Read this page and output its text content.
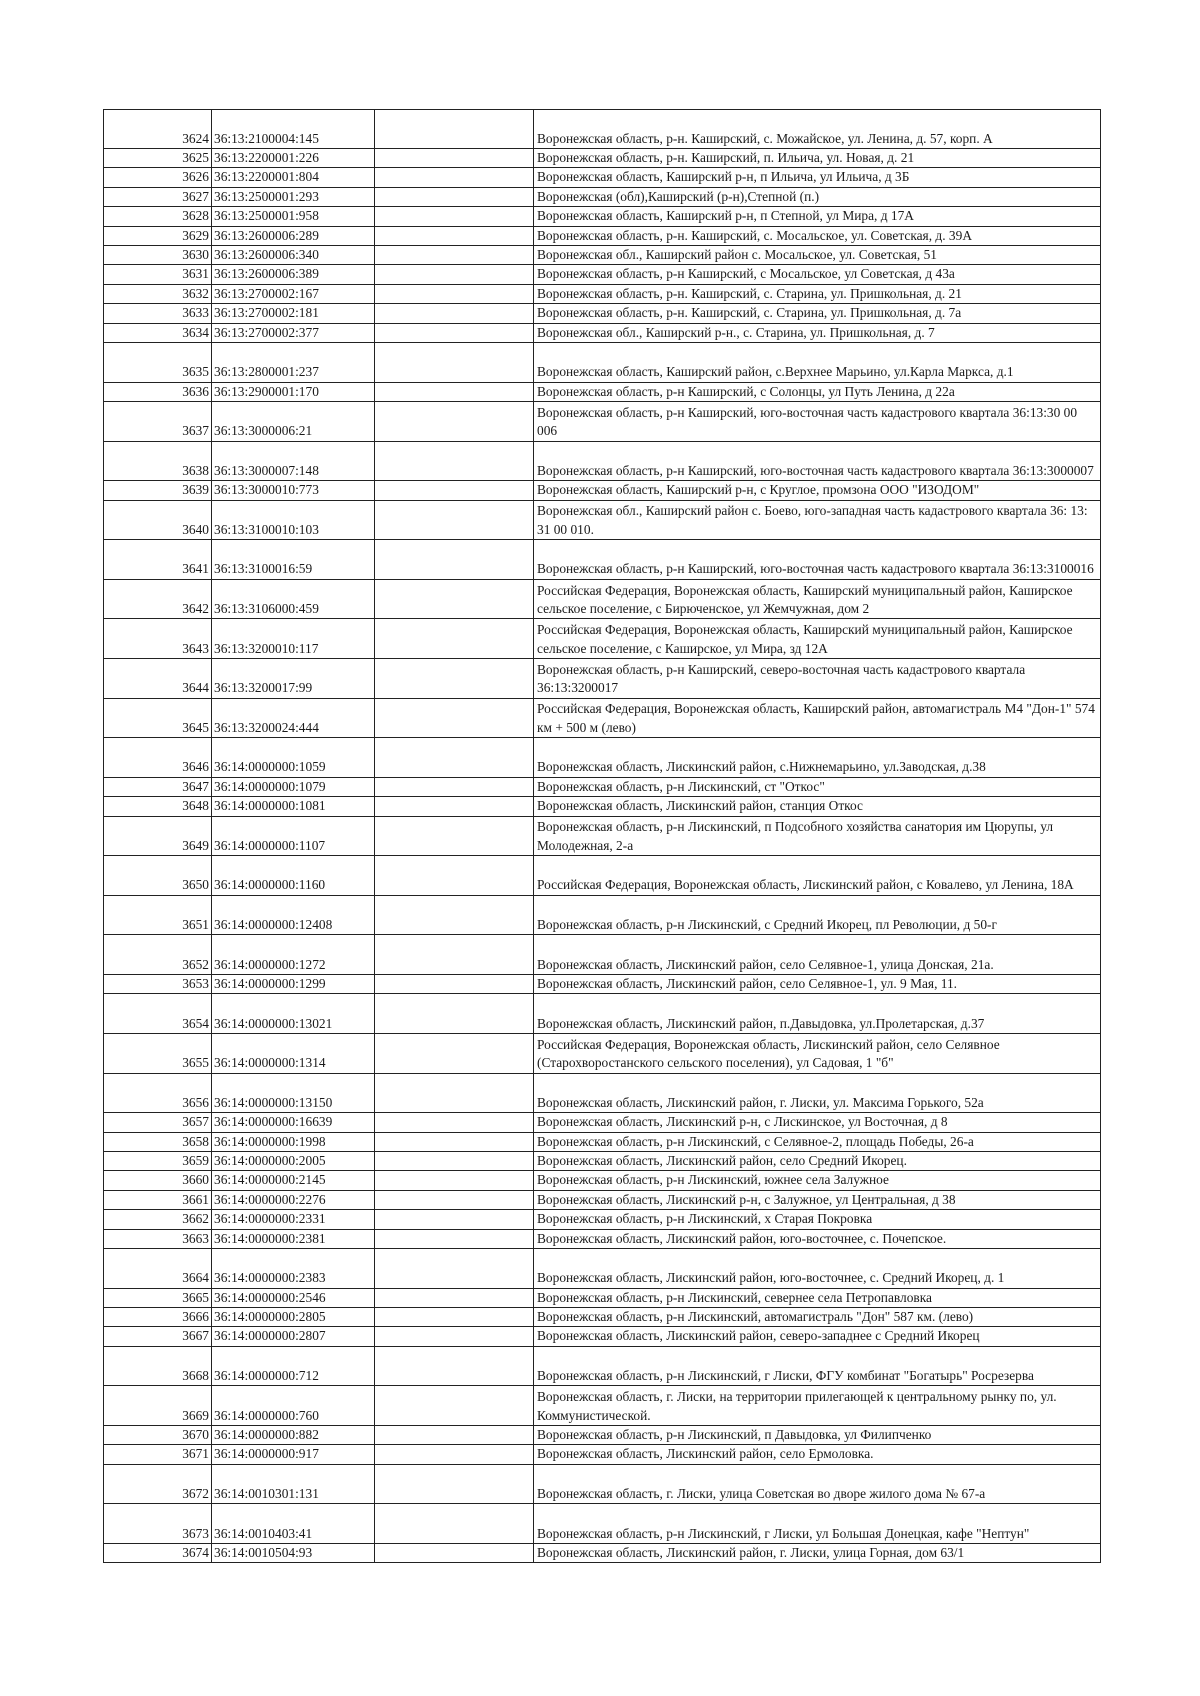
3624	36:13:2100004:145		Воронежская область, р-н. Каширский, с. Можайское, ул. Ленина, д. 57, корп. А
3625	36:13:2200001:226		Воронежская область, р-н. Каширский, п. Ильича, ул. Новая, д. 21
3626	36:13:2200001:804		Воронежская область, Каширский р-н, п Ильича, ул Ильича, д 3Б
3627	36:13:2500001:293		Воронежская (обл),Каширский (р-н),Степной (п.)
3628	36:13:2500001:958		Воронежская область, Каширский р-н, п Степной, ул Мира, д 17А
3629	36:13:2600006:289		Воронежская область, р-н. Каширский, с. Мосальское, ул. Советская, д. 39А
3630	36:13:2600006:340		Воронежская обл., Каширский район с. Мосальское, ул. Советская, 51
3631	36:13:2600006:389		Воронежская область, р-н Каширский, с Мосальское, ул Советская, д 43а
3632	36:13:2700002:167		Воронежская область, р-н. Каширский, с. Старина, ул. Пришкольная, д. 21
3633	36:13:2700002:181		Воронежская область, р-н. Каширский, с. Старина, ул. Пришкольная, д. 7а
3634	36:13:2700002:377		Воронежская обл., Каширский р-н., с. Старина, ул. Пришкольная, д. 7
3635	36:13:2800001:237		Воронежская область, Каширский район, с.Верхнее Марьино, ул.Карла Маркса, д.1
3636	36:13:2900001:170		Воронежская область, р-н Каширский, с Солонцы, ул Путь Ленина, д 22а
3637	36:13:3000006:21		Воронежская область, р-н Каширский, юго-восточная часть кадастрового квартала 36:13:30 00 006
3638	36:13:3000007:148		Воронежская область, р-н Каширский, юго-восточная часть кадастрового квартала 36:13:3000007
3639	36:13:3000010:773		Воронежская область, Каширский р-н, с Круглое, промзона ООО "ИЗОДОМ"
3640	36:13:3100010:103		Воронежская обл., Каширский район с. Боево, юго-западная часть кадастрового квартала 36: 13: 31 00 010.
3641	36:13:3100016:59		Воронежская область, р-н Каширский, юго-восточная часть кадастрового квартала 36:13:3100016
3642	36:13:3106000:459		Российская Федерация, Воронежская область, Каширский муниципальный район, Каширское сельское поселение, с Бирюченское, ул Жемчужная, дом 2
3643	36:13:3200010:117		Российская Федерация, Воронежская область, Каширский муниципальный район, Каширское сельское поселение, с Каширское, ул Мира, зд 12А
3644	36:13:3200017:99		Воронежская область, р-н Каширский, северо-восточная часть кадастрового квартала 36:13:3200017
3645	36:13:3200024:444		Российская Федерация, Воронежская область, Каширский район, автомагистраль М4 "Дон-1" 574 км + 500 м (лево)
3646	36:14:0000000:1059		Воронежская область, Лискинский район, с.Нижнемарьино, ул.Заводская, д.38
3647	36:14:0000000:1079		Воронежская область, р-н Лискинский, ст "Откос"
3648	36:14:0000000:1081		Воронежская область, Лискинский район, станция Откос
3649	36:14:0000000:1107		Воронежская область, р-н Лискинский, п Подсобного хозяйства санатория им Цюрупы, ул Молодежная, 2-а
3650	36:14:0000000:1160		Российская Федерация, Воронежская область, Лискинский район, с Ковалево, ул Ленина, 18А
3651	36:14:0000000:12408		Воронежская область, р-н Лискинский, с Средний Икорец, пл Революции, д 50-г
3652	36:14:0000000:1272		Воронежская область, Лискинский район, село Селявное-1, улица Донская, 21а.
3653	36:14:0000000:1299		Воронежская область, Лискинский район, село Селявное-1, ул. 9 Мая, 11.
3654	36:14:0000000:13021		Воронежская область, Лискинский район, п.Давыдовка, ул.Пролетарская, д.37
3655	36:14:0000000:1314		Российская Федерация, Воронежская область, Лискинский район, село Селявное (Старохворостанского сельского поселения), ул Садовая, 1 "б"
3656	36:14:0000000:13150		Воронежская область, Лискинский район, г. Лиски, ул. Максима Горького, 52а
3657	36:14:0000000:16639		Воронежская область, Лискинский р-н, с Лискинское, ул Восточная, д 8
3658	36:14:0000000:1998		Воронежская область, р-н Лискинский, с Селявное-2, площадь Победы, 26-а
3659	36:14:0000000:2005		Воронежская область, Лискинский район, село Средний Икорец.
3660	36:14:0000000:2145		Воронежская область, р-н Лискинский, южнее села Залужное
3661	36:14:0000000:2276		Воронежская область, Лискинский р-н, с Залужное, ул Центральная, д 38
3662	36:14:0000000:2331		Воронежская область, р-н Лискинский, х Старая Покровка
3663	36:14:0000000:2381		Воронежская область, Лискинский район, юго-восточнее, с. Почепское.
3664	36:14:0000000:2383		Воронежская область, Лискинский район, юго-восточнее, с. Средний Икорец, д. 1
3665	36:14:0000000:2546		Воронежская область, р-н Лискинский, севернее села Петропавловка
3666	36:14:0000000:2805		Воронежская область, р-н Лискинский, автомагистраль "Дон" 587 км. (лево)
3667	36:14:0000000:2807		Воронежская область, Лискинский район, северо-западнее с Средний Икорец
3668	36:14:0000000:712		Воронежская область, р-н Лискинский, г Лиски, ФГУ комбинат "Богатырь" Росрезерва
3669	36:14:0000000:760		Воронежская область, г. Лиски, на территории прилегающей к центральному рынку по, ул. Коммунистической.
3670	36:14:0000000:882		Воронежская область, р-н Лискинский, п Давыдовка, ул Филипченко
3671	36:14:0000000:917		Воронежская область, Лискинский район, село Ермоловка.
3672	36:14:0010301:131		Воронежская область, г. Лиски, улица Советская во дворе жилого дома № 67-а
3673	36:14:0010403:41		Воронежская область, р-н Лискинский, г Лиски, ул Большая Донецкая, кафе "Нептун"
3674	36:14:0010504:93		Воронежская область, Лискинский район, г. Лиски, улица Горная, дом 63/1
